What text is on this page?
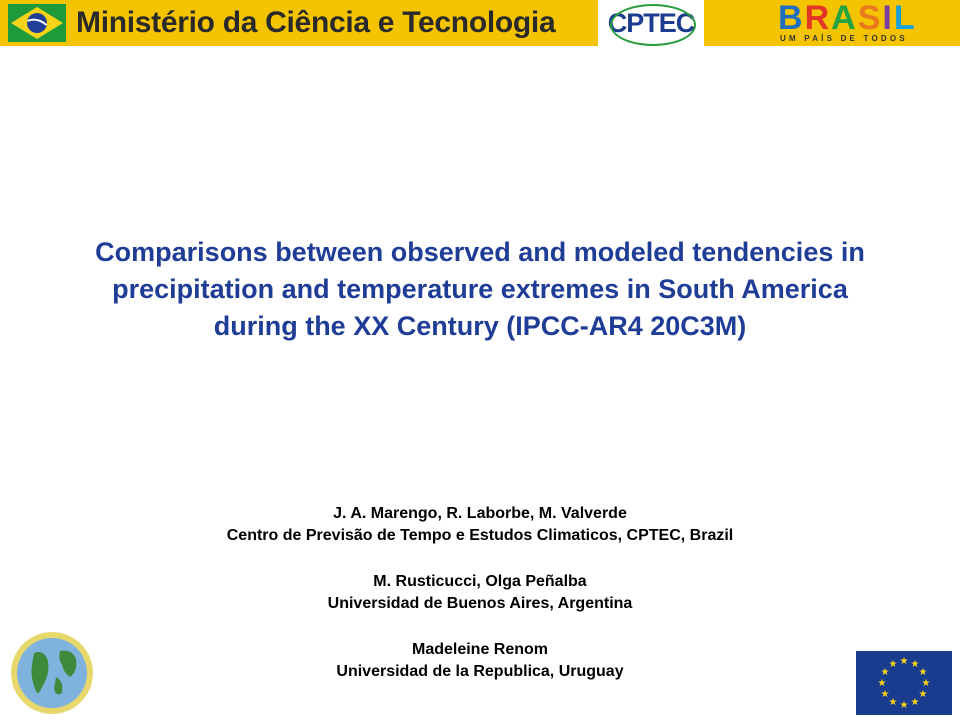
Ministério da Ciência e Tecnologia CPTEC BRASIL
UM PAÍS DE TODOS
Comparisons between observed and modeled tendencies in
precipitation and temperature extremes in South America
during the XX Century (IPCC-AR4 20C3M)
J. A. Marengo, R. Laborbe, M. Valverde
Centro de Previsão de Tempo e Estudos Climaticos, CPTEC, Brazil
M. Rusticucci, Olga Peñalba
Universidad de Buenos Aires, Argentina
Madeleine Renom
Universidad de la Republica, Uruguay
★ ★
★
★
★
★
★
★
★
★
★
★
